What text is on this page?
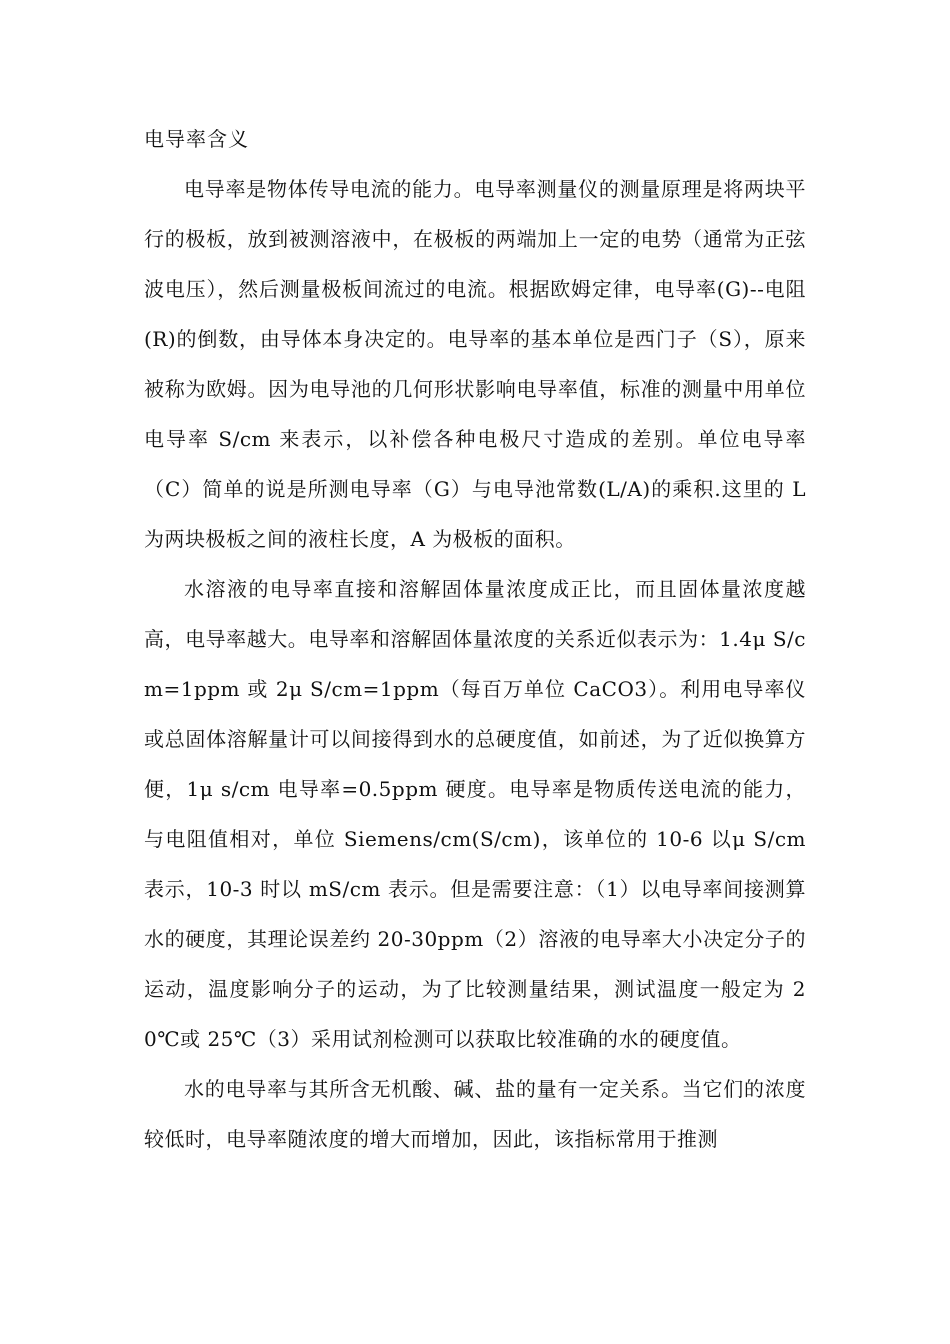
电导率含义

电导率是物体传导电流的能力。电导率测量仪的测量原理是将两块平行的极板，放到被测溶液中，在极板的两端加上一定的电势（通常为正弦波电压），然后测量极板间流过的电流。根据欧姆定律，电导率(G)--电阻(R)的倒数，由导体本身决定的。电导率的基本单位是西门子（S），原来被称为欧姆。因为电导池的几何形状影响电导率值，标准的测量中用单位电导率 S/cm 来表示，以补偿各种电极尺寸造成的差别。单位电导率（C）简单的说是所测电导率（G）与电导池常数(L/A)的乘积.这里的 L 为两块极板之间的液柱长度，A 为极板的面积。

水溶液的电导率直接和溶解固体量浓度成正比，而且固体量浓度越高，电导率越大。电导率和溶解固体量浓度的关系近似表示为：1.4μ S/cm=1ppm 或 2μ S/cm=1ppm（每百万单位 CaCO3）。利用电导率仪或总固体溶解量计可以间接得到水的总硬度值，如前述，为了近似换算方便，1μ s/cm 电导率=0.5ppm 硬度。电导率是物质传送电流的能力，与电阻值相对，单位 Siemens/cm(S/cm)，该单位的 10-6 以μ S/cm 表示，10-3 时以 mS/cm 表示。但是需要注意：（1）以电导率间接测算水的硬度，其理论误差约 20-30ppm（2）溶液的电导率大小决定分子的运动，温度影响分子的运动，为了比较测量结果，测试温度一般定为 20℃或 25℃（3）采用试剂检测可以获取比较准确的水的硬度值。

水的电导率与其所含无机酸、碱、盐的量有一定关系。当它们的浓度较低时，电导率随浓度的增大而增加，因此，该指标常用于推测
